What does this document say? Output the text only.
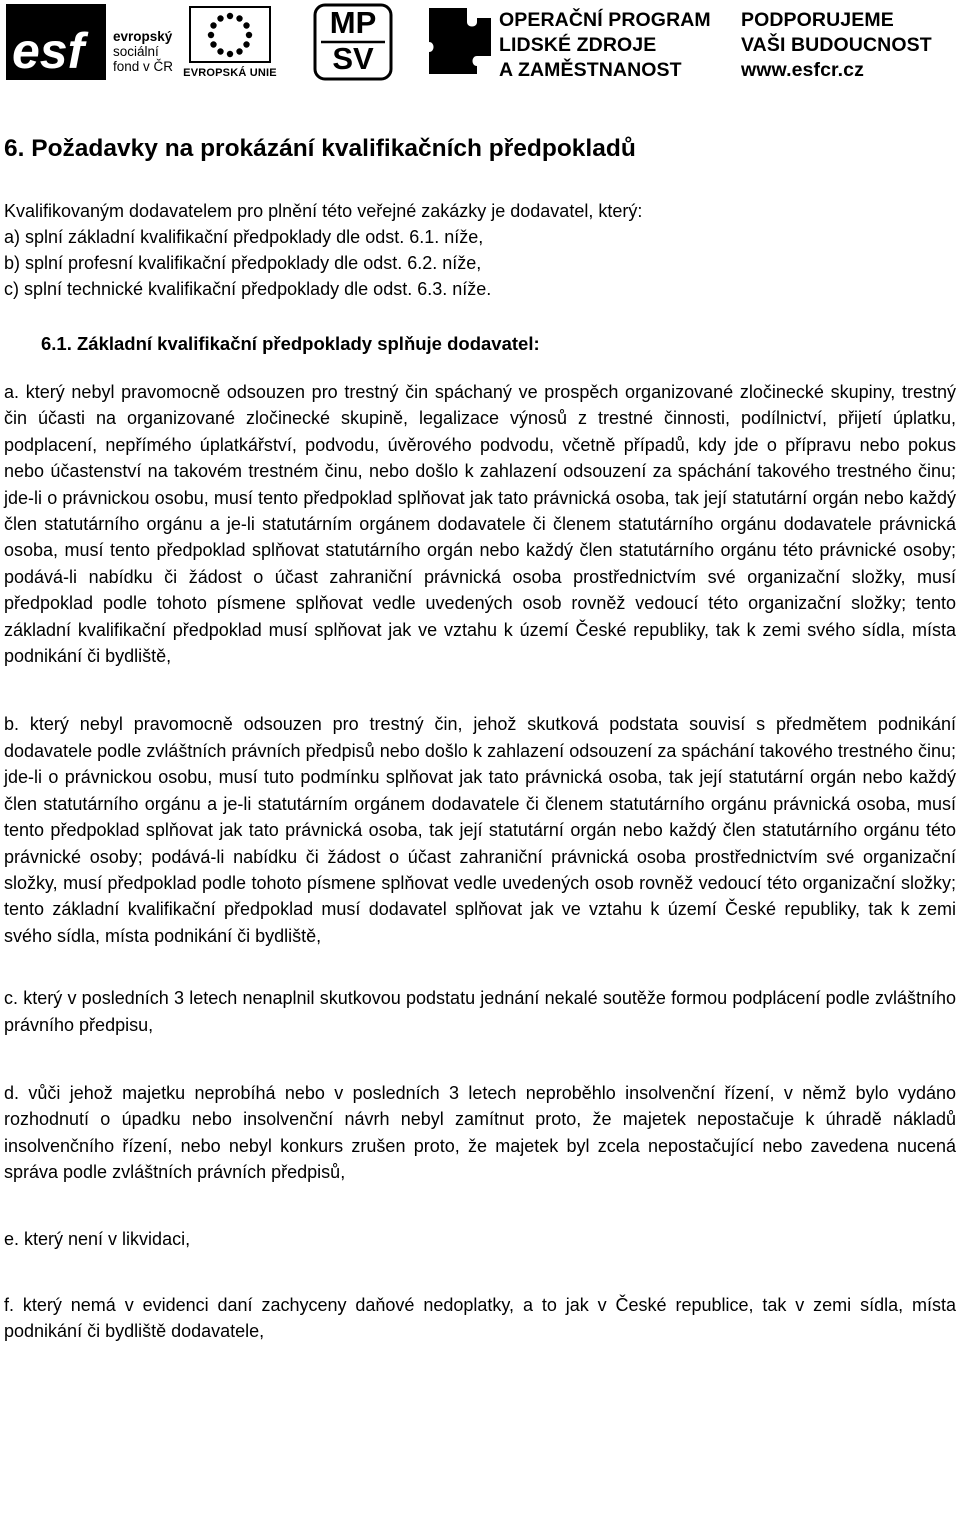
esf	evropský
sociální
fond v ČR EVROPSKÁ UNIE
MP
SV
OPERAČNÍ PROGRAM
LIDSKÉ ZDROJE
A ZAMĚSTNANOST
PODPORUJEME
VAŠI BUDOUCNOST
www.esfcr.cz
6. Požadavky na prokázání kvalifikačních předpokladů
Kvalifikovaným dodavatelem pro plnění této veřejné zakázky je dodavatel, který:
a) splní základní kvalifikační předpoklady dle odst. 6.1. níže,
b) splní profesní kvalifikační předpoklady dle odst. 6.2. níže,
c) splní technické kvalifikační předpoklady dle odst. 6.3. níže.
6.1. Základní kvalifikační předpoklady splňuje dodavatel:

a. který nebyl pravomocně odsouzen pro trestný čin spáchaný ve prospěch organizované zločinecké skupiny, trestný čin účasti na organizované zločinecké skupině, legalizace výnosů z trestné činnosti, podílnictví, přijetí úplatku, podplacení, nepřímého úplatkářství, podvodu, úvěrového podvodu, včetně případů, kdy jde o přípravu nebo pokus nebo účastenství na takovém trestném činu, nebo došlo k zahlazení odsouzení za spáchání takového trestného činu; jde-li o právnickou osobu, musí tento předpoklad splňovat jak tato právnická osoba, tak její statutární orgán nebo každý člen statutárního orgánu a je-li statutárním orgánem dodavatele či členem statutárního orgánu dodavatele právnická osoba, musí tento předpoklad splňovat statutárního orgán nebo každý člen statutárního orgánu této právnické osoby; podává-li nabídku či žádost o účast zahraniční právnická osoba prostřednictvím své organizační složky, musí předpoklad podle tohoto písmene splňovat vedle uvedených osob rovněž vedoucí této organizační složky; tento základní kvalifikační předpoklad musí splňovat jak ve vztahu k území České republiky, tak k zemi svého sídla, místa podnikání či bydliště,

b. který nebyl pravomocně odsouzen pro trestný čin, jehož skutková podstata souvisí s předmětem podnikání dodavatele podle zvláštních právních předpisů nebo došlo k zahlazení odsouzení za spáchání takového trestného činu; jde-li o právnickou osobu, musí tuto podmínku splňovat jak tato právnická osoba, tak její statutární orgán nebo každý člen statutárního orgánu a je-li statutárním orgánem dodavatele či členem statutárního orgánu právnická osoba, musí tento předpoklad splňovat jak tato právnická osoba, tak její statutární orgán nebo každý člen statutárního orgánu této právnické osoby; podává-li nabídku či žádost o účast zahraniční právnická osoba prostřednictvím své organizační složky, musí předpoklad podle tohoto písmene splňovat vedle uvedených osob rovněž vedoucí této organizační složky; tento základní kvalifikační předpoklad musí dodavatel splňovat jak ve vztahu k území České republiky, tak k zemi svého sídla, místa podnikání či bydliště,

c. který v posledních 3 letech nenaplnil skutkovou podstatu jednání nekalé soutěže formou podplácení podle zvláštního právního předpisu,

d. vůči jehož majetku neprobíhá nebo v posledních 3 letech neproběhlo insolvenční řízení, v němž bylo vydáno rozhodnutí o úpadku nebo insolvenční návrh nebyl zamítnut proto, že majetek nepostačuje k úhradě nákladů insolvenčního řízení, nebo nebyl konkurs zrušen proto, že majetek byl zcela nepostačující nebo zavedena nucená správa podle zvláštních právních předpisů,

e. který není v likvidaci,

f. který nemá v evidenci daní zachyceny daňové nedoplatky, a to jak v České republice, tak v zemi sídla, místa podnikání či bydliště dodavatele,
